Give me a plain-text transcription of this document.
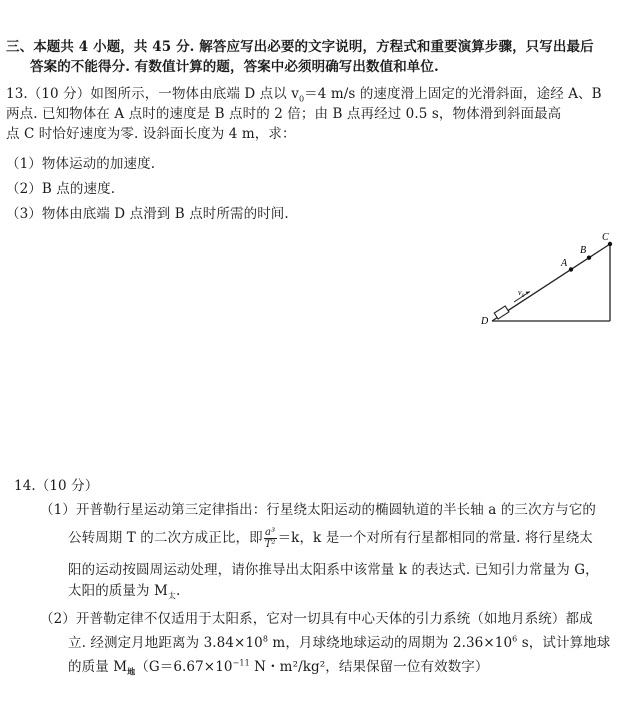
三、本题共 4 小题，共 45 分. 解答应写出必要的文字说明，方程式和重要演算步骤，只写出最后
答案的不能得分. 有数值计算的题，答案中必须明确写出数值和单位.
13.（10 分）如图所示，一物体由底端 D 点以 $v_0=4$ m/s 的速度滑上固定的光滑斜面，途经 A、B
两点. 已知物体在 A 点时的速度是 B 点时的 2 倍；由 B 点再经过 0.5 s，物体滑到斜面最高
点 C 时恰好速度为零. 设斜面长度为 4 m，求：
（1）物体运动的加速度.
（2）B 点的速度.
（3）物体由底端 D 点滑到 B 点时所需的时间.
$v_0$
A
B
C
D
14.（10 分）
（1）开普勒行星运动第三定律指出：行星绕太阳运动的椭圆轨道的半长轴 a 的三次方与它的
公转周期 T 的二次方成正比，即 $\frac{\text{a³}}{\text{T²}} =k$，k 是一个对所有行星都相同的常量. 将行星绕太
阳的运动按圆周运动处理，请你推导出太阳系中该常量 k 的表达式. 已知引力常量为 G，
太阳的质量为 $M_太$.
（2）开普勒定律不仅适用于太阳系，它对一切具有中心天体的引力系统（如地月系统）都成
立. 经测定月地距离为 $3.84\times 10^8$ m，月球绕地球运动的周期为 $2.36\times 10^6$ s，试计算地球
的质量 $M_地(G=6.67\times 10^{-11}$ N・m²/kg²，结果保留一位有效数字）
